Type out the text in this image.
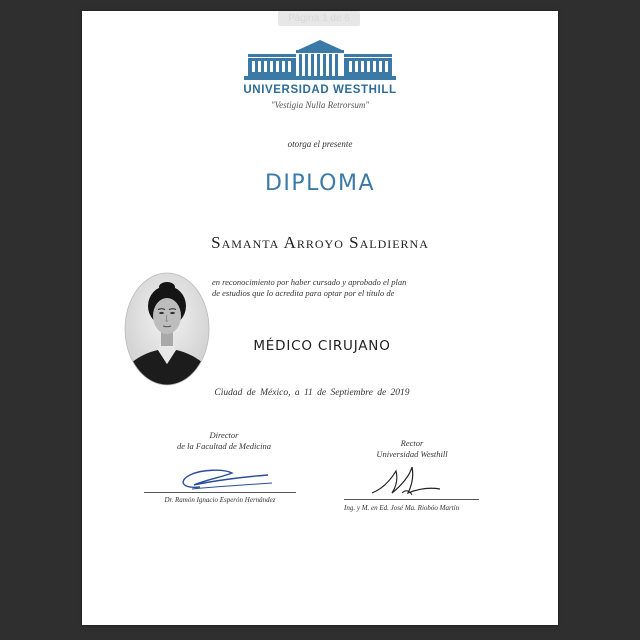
UNIVERSIDAD WESTHILL
"Vestigia Nulla Retrorsum"
otorga el presente
DIPLOMA
Samanta Arroyo Saldierna
en reconocimiento por haber cursado y aprobado el plan
de estudios que lo acredita para optar por el título de
MÉDICO CIRUJANO
Ciudad de México, a 11 de Septiembre de 2019
Director
de la Facultad de Medicina
Dr. Ramón Ignacio Esperón Hernández
Rector
Universidad Westhill
Ing. y M. en Ed. José Ma. Riobóo Martín
Página 1 de 6
